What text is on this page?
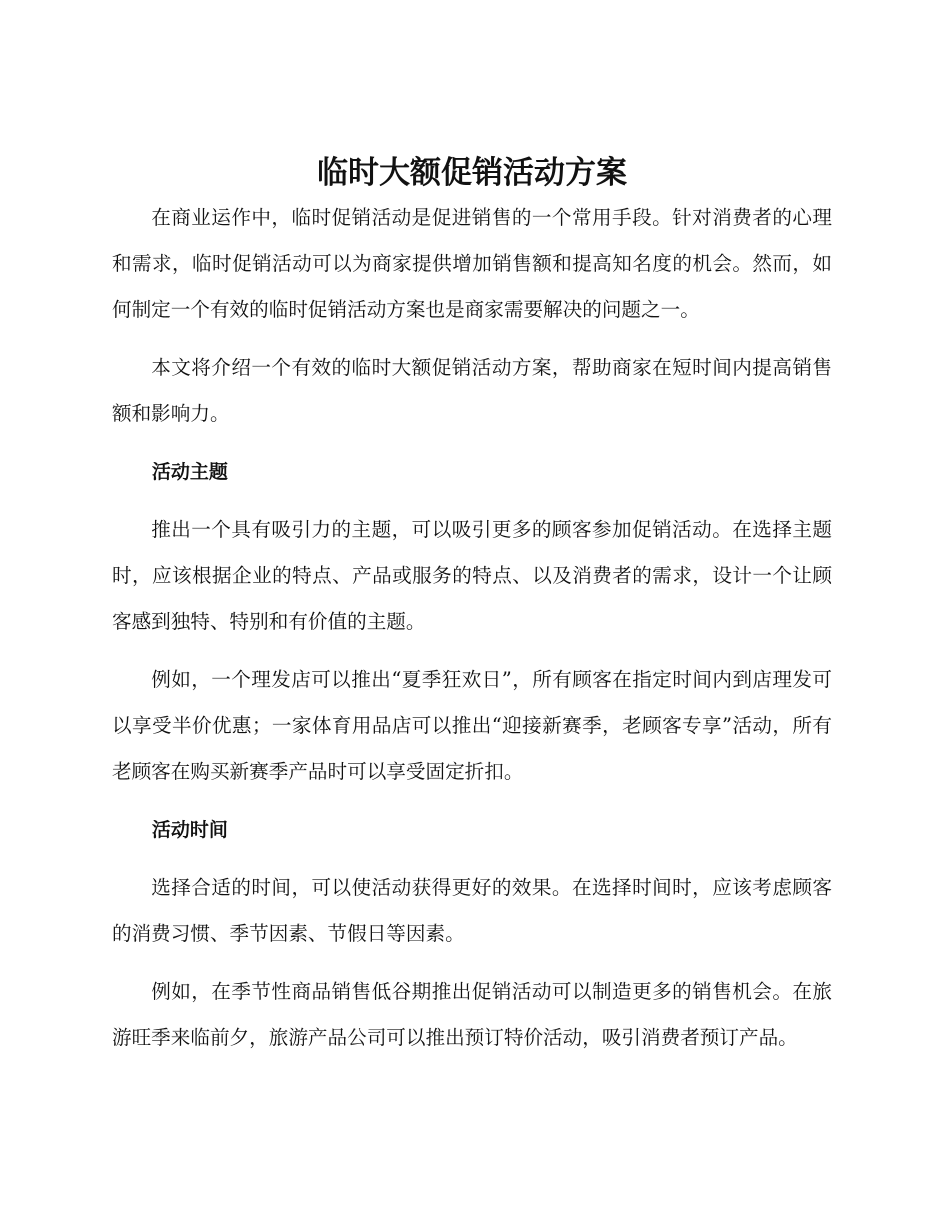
临时大额促销活动方案

在商业运作中，临时促销活动是促进销售的一个常用手段。针对消费者的心理和需求，临时促销活动可以为商家提供增加销售额和提高知名度的机会。然而，如何制定一个有效的临时促销活动方案也是商家需要解决的问题之一。

本文将介绍一个有效的临时大额促销活动方案，帮助商家在短时间内提高销售额和影响力。

活动主题

推出一个具有吸引力的主题，可以吸引更多的顾客参加促销活动。在选择主题时，应该根据企业的特点、产品或服务的特点、以及消费者的需求，设计一个让顾客感到独特、特别和有价值的主题。

例如，一个理发店可以推出“夏季狂欢日”，所有顾客在指定时间内到店理发可以享受半价优惠；一家体育用品店可以推出“迎接新赛季，老顾客专享”活动，所有老顾客在购买新赛季产品时可以享受固定折扣。

活动时间

选择合适的时间，可以使活动获得更好的效果。在选择时间时，应该考虑顾客的消费习惯、季节因素、节假日等因素。

例如，在季节性商品销售低谷期推出促销活动可以制造更多的销售机会。在旅游旺季来临前夕，旅游产品公司可以推出预订特价活动，吸引消费者预订产品。
